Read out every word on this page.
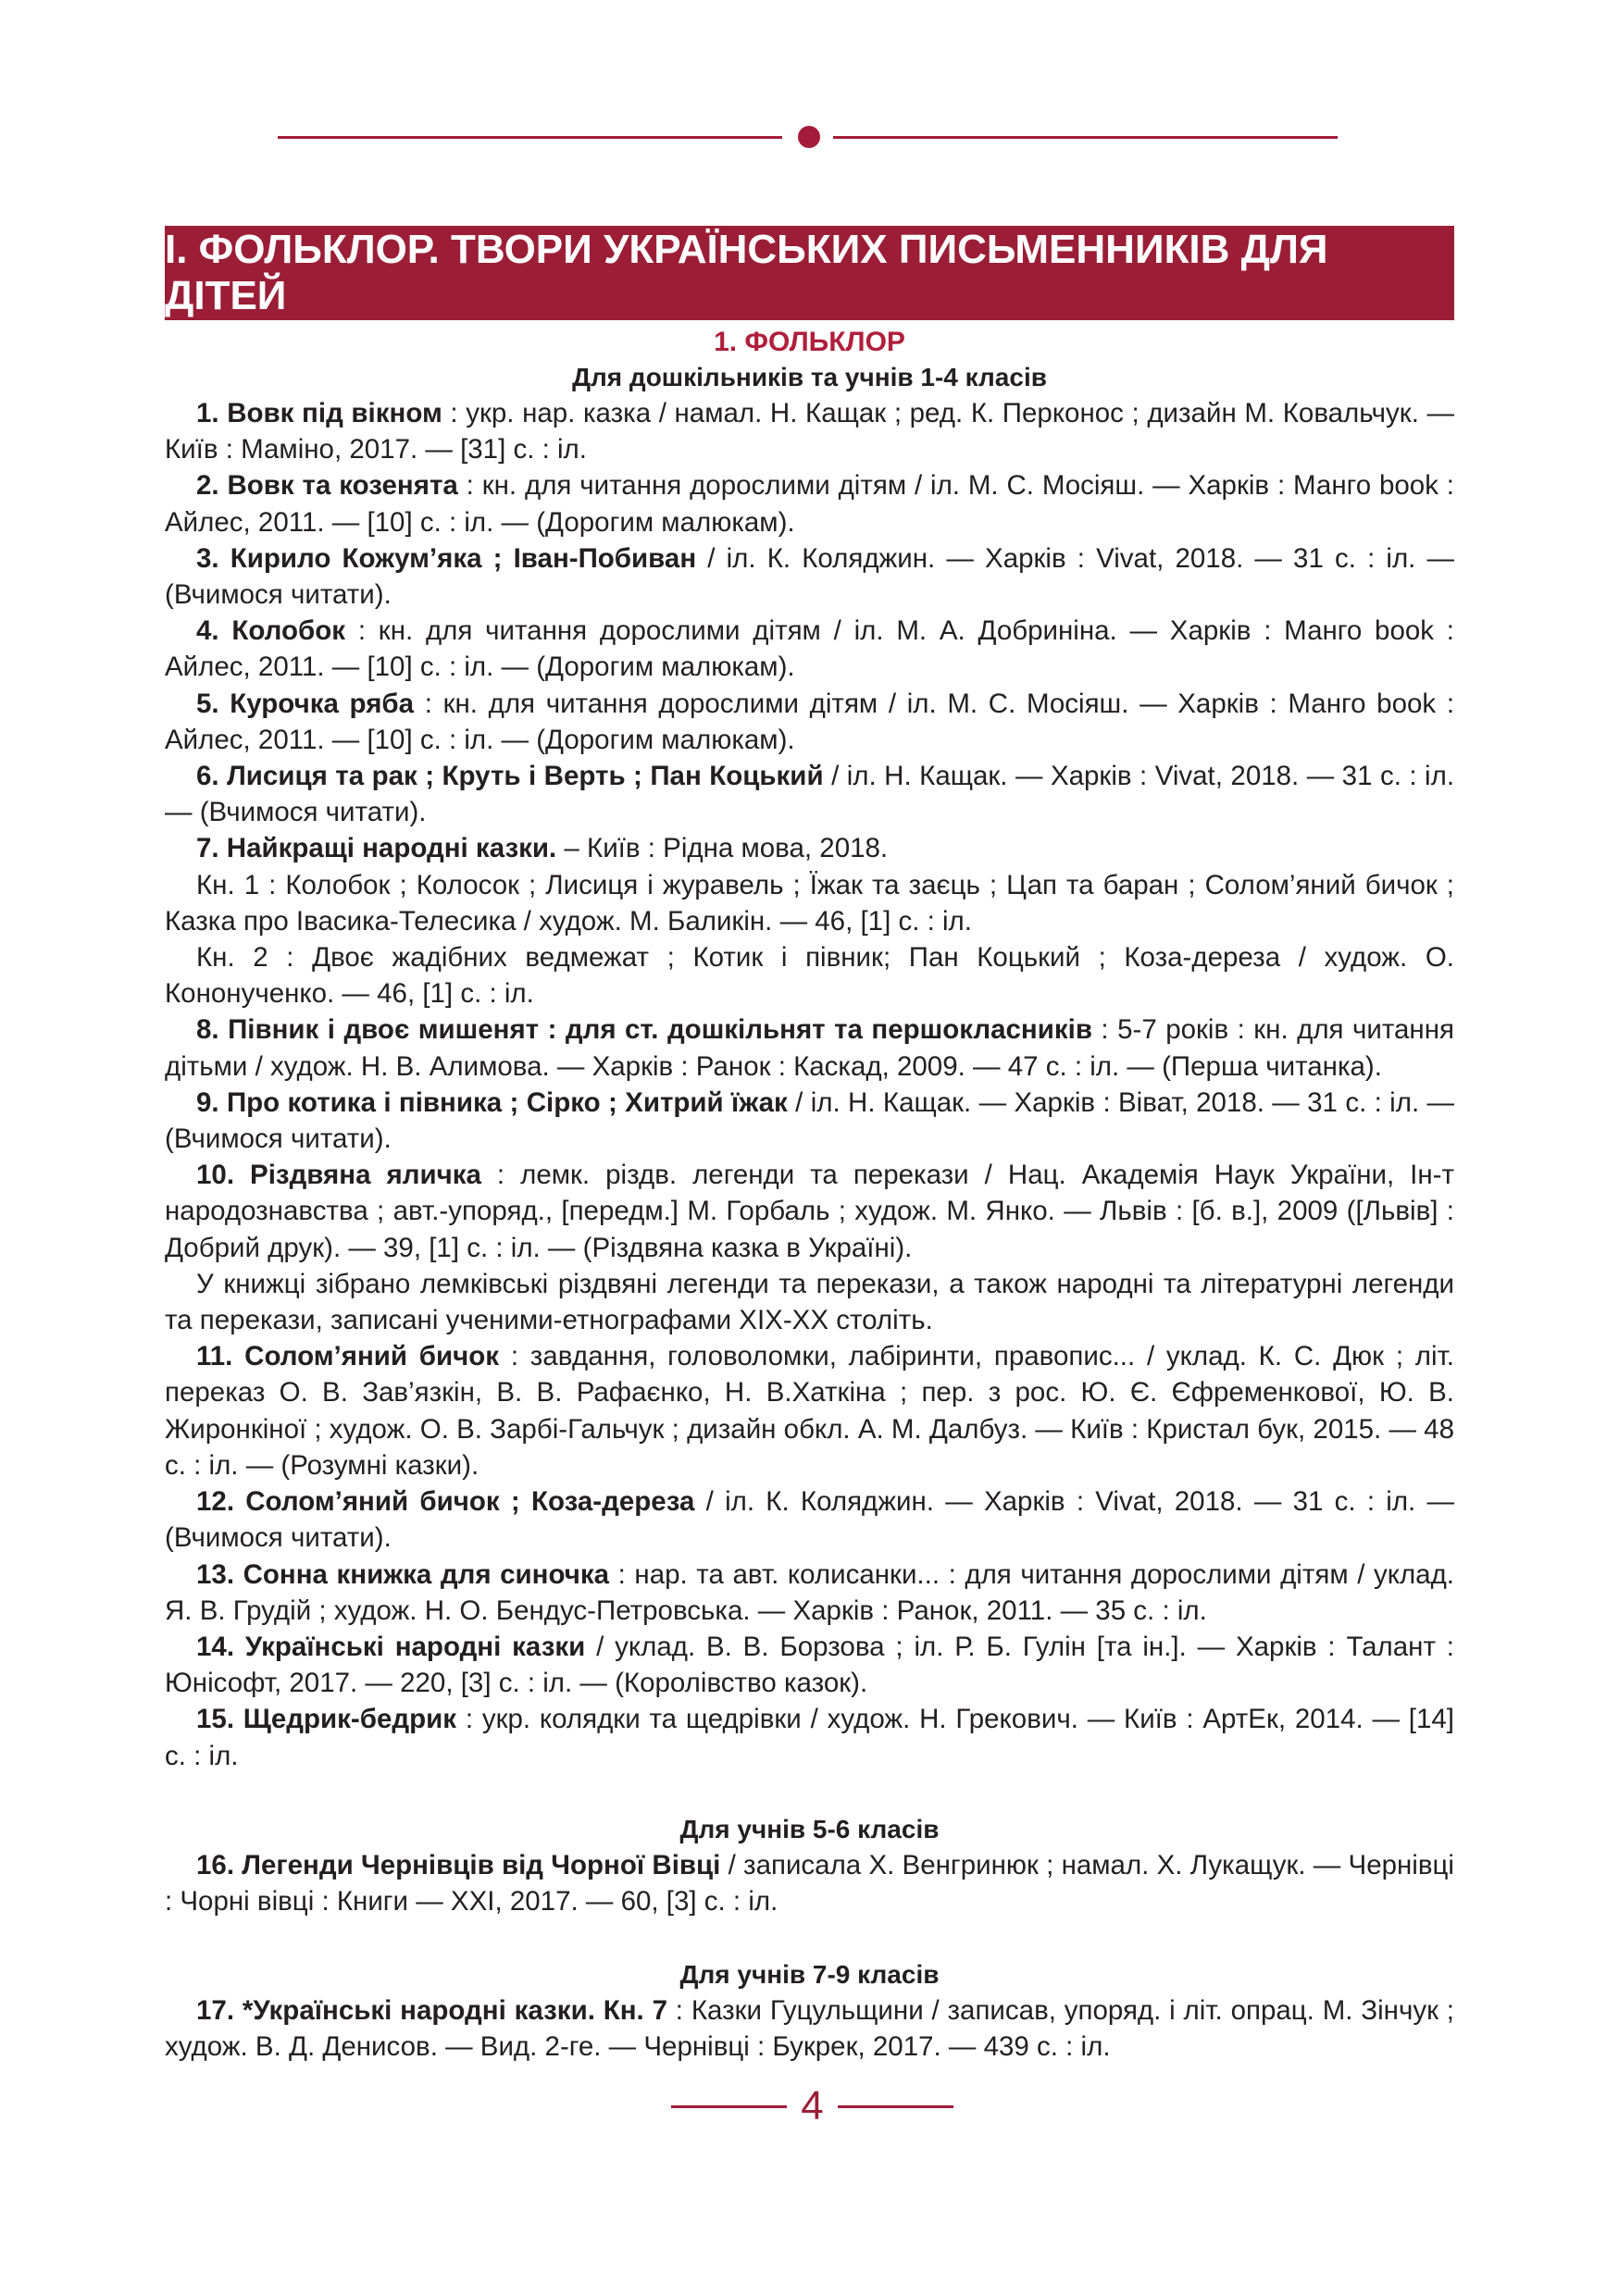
І. ФОЛЬКЛОР. ТВОРИ УКРАЇНСЬКИХ ПИСЬМЕННИКІВ ДЛЯ ДІТЕЙ
1. ФОЛЬКЛОР
Для дошкільників та учнів 1-4 класів

1. Вовк під вікном : укр. нар. казка / намал. Н. Кащак ; ред. К. Перконос ; дизайн М. Ковальчук. — Київ : Маміно, 2017. — [31] с. : іл.

2. Вовк та козенята : кн. для читання дорослими дітям / іл. М. С. Мосіяш. — Харків : Манго book : Айлес, 2011. — [10] с. : іл. — (Дорогим малюкам).

3. Кирило Кожум’яка ; Іван-Побиван / іл. К. Коляджин. — Харків : Vivat, 2018. — 31 с. : іл. — (Вчимося читати).

4. Колобок : кн. для читання дорослими дітям / іл. М. А. Добриніна. — Харків : Манго book : Айлес, 2011. — [10] с. : іл. — (Дорогим малюкам).

5. Курочка ряба : кн. для читання дорослими дітям / іл. М. С. Мосіяш. — Харків : Манго book : Айлес, 2011. — [10] с. : іл. — (Дорогим малюкам).

6. Лисиця та рак ; Круть і Верть ; Пан Коцький / іл. Н. Кащак. — Харків : Vivat, 2018. — 31 с. : іл. — (Вчимося читати).

7. Найкращі народні казки. – Київ : Рідна мова, 2018.

Кн. 1 : Колобок ; Колосок ; Лисиця і журавель ; Їжак та заєць ; Цап та баран ; Солом’яний бичок ; Казка про Івасика-Телесика / худож. М. Баликін. — 46, [1] с. : іл.

Кн. 2 : Двоє жадібних ведмежат ; Котик і півник; Пан Коцький ; Коза-дереза / худож. О. Кононученко. — 46, [1] с. : іл.

8. Півник і двоє мишенят : для ст. дошкільнят та першокласників : 5-7 років : кн. для читання дітьми / худож. Н. В. Алимова. — Харків : Ранок : Каскад, 2009. — 47 с. : іл. — (Перша читанка).

9. Про котика і півника ; Сірко ; Хитрий їжак / іл. Н. Кащак. — Харків : Віват, 2018. — 31 с. : іл. — (Вчимося читати).

10. Різдвяна яличка : лемк. різдв. легенди та перекази / Нац. Академія Наук України, Ін-т народознавства ; авт.-упоряд., [передм.] М. Горбаль ; худож. М. Янко. — Львів : [б. в.], 2009 ([Львів] : Добрий друк). — 39, [1] с. : іл. — (Різдвяна казка в Україні).

У книжці зібрано лемківські різдвяні легенди та перекази, а також народні та літературні легенди та перекази, записані ученими-етнографами XIX-XX століть.

11. Солом’яний бичок : завдання, головоломки, лабіринти, правопис... / уклад. К. С. Дюк ; літ. переказ О. В. Зав’язкін, В. В. Рафаєнко, Н. В.Хаткіна ; пер. з рос. Ю. Є. Єфременкової, Ю. В. Жиронкіної ; худож. О. В. Зарбі-Гальчук ; дизайн обкл. А. М. Далбуз. — Київ : Кристал бук, 2015. — 48 с. : іл. — (Розумні казки).

12. Солом’яний бичок ; Коза-дереза / іл. К. Коляджин. — Харків : Vivat, 2018. — 31 с. : іл. — (Вчимося читати).

13. Сонна книжка для синочка : нар. та авт. колисанки... : для читання дорослими дітям / уклад. Я. В. Грудій ; худож. Н. О. Бендус-Петровська. — Харків : Ранок, 2011. — 35 с. : іл.

14. Українські народні казки / уклад. В. В. Борзова ; іл. Р. Б. Гулін [та ін.]. — Харків : Талант : Юнісофт, 2017. — 220, [3] с. : іл. — (Королівство казок).

15. Щедрик-бедрик : укр. колядки та щедрівки / худож. Н. Грекович. — Київ : АртЕк, 2014. — [14] с. : іл.

Для учнів 5-6 класів

16. Легенди Чернівців від Чорної Вівці / записала Х. Венгринюк ; намал. Х. Лукащук. — Чернівці : Чорні вівці : Книги — ХХІ, 2017. — 60, [3] с. : іл.

Для учнів 7-9 класів

17. *Українські народні казки. Кн. 7 : Казки Гуцульщини / записав, упоряд. і літ. опрац. М. Зінчук ; худож. В. Д. Денисов. — Вид. 2-ге. — Чернівці : Букрек, 2017. — 439 с. : іл.

4
